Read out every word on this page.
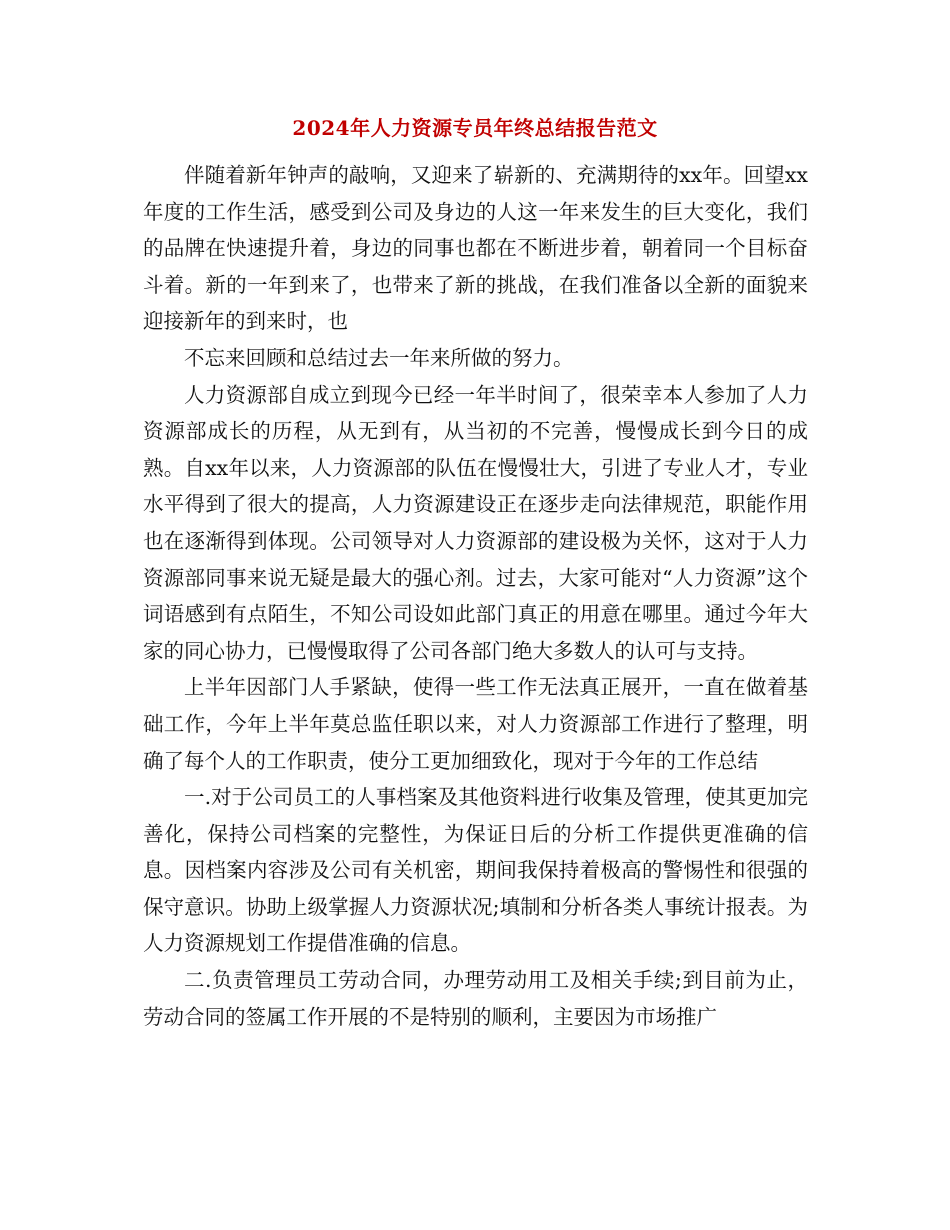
2024年人力资源专员年终总结报告范文

伴随着新年钟声的敲响，又迎来了崭新的、充满期待的xx年。回望xx年度的工作生活，感受到公司及身边的人这一年来发生的巨大变化，我们的品牌在快速提升着，身边的同事也都在不断进步着，朝着同一个目标奋斗着。新的一年到来了，也带来了新的挑战，在我们准备以全新的面貌来迎接新年的到来时，也

不忘来回顾和总结过去一年来所做的努力。

人力资源部自成立到现今已经一年半时间了，很荣幸本人参加了人力资源部成长的历程，从无到有，从当初的不完善，慢慢成长到今日的成熟。自xx年以来，人力资源部的队伍在慢慢壮大，引进了专业人才，专业水平得到了很大的提高，人力资源建设正在逐步走向法律规范，职能作用也在逐渐得到体现。公司领导对人力资源部的建设极为关怀，这对于人力资源部同事来说无疑是最大的强心剂。过去，大家可能对“人力资源”这个词语感到有点陌生，不知公司设如此部门真正的用意在哪里。通过今年大家的同心协力，已慢慢取得了公司各部门绝大多数人的认可与支持。

上半年因部门人手紧缺，使得一些工作无法真正展开，一直在做着基础工作，今年上半年莫总监任职以来，对人力资源部工作进行了整理，明确了每个人的工作职责，使分工更加细致化，现对于今年的工作总结

一.对于公司员工的人事档案及其他资料进行收集及管理，使其更加完善化，保持公司档案的完整性，为保证日后的分析工作提供更准确的信息。因档案内容涉及公司有关机密，期间我保持着极高的警惕性和很强的保守意识。协助上级掌握人力资源状况;填制和分析各类人事统计报表。为人力资源规划工作提借准确的信息。

二.负责管理员工劳动合同，办理劳动用工及相关手续;到目前为止，劳动合同的签属工作开展的不是特别的顺利，主要因为市场推广
